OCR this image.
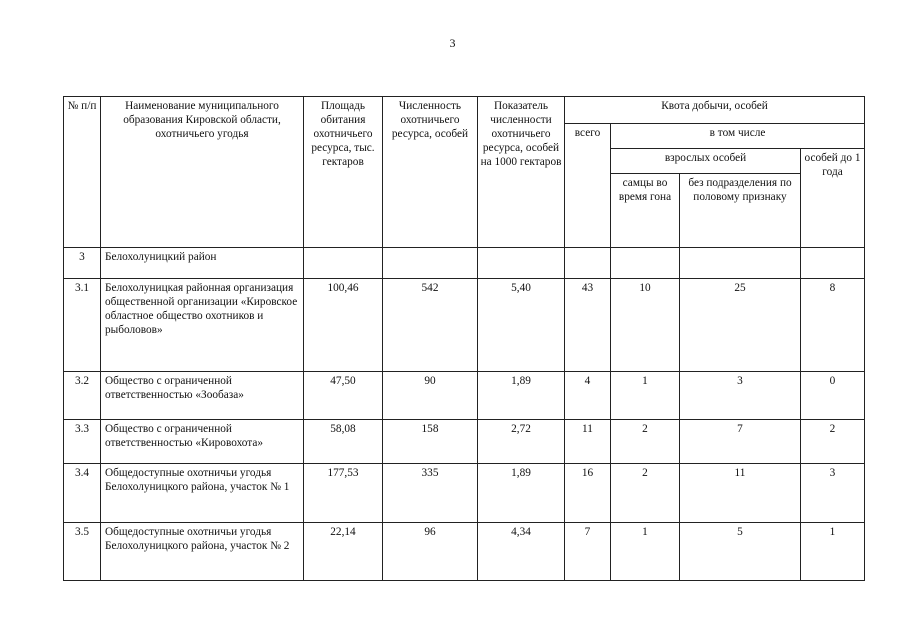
3
№ п/п	Наименование муниципального образования Кировской области, охотничьего угодья	Площадь обитания охотничьего ресурса, тыс. гектаров	Численность охотничьего ресурса, особей	Показатель численности охотничьего ресурса, особей на 1000 гектаров	Квота добычи, особей			
					всего	в том числе		
						взрослых особей		особей до 1 года
						самцы во время гона	без подразделения по половому признаку	
3	Белохолуницкий район							
3.1	Белохолуницкая районная организация общественной организации «Кировское областное общество охотников и рыболовов»	100,46	542	5,40	43	10	25	8
3.2	Общество с ограниченной ответственностью «Зообаза»	47,50	90	1,89	4	1	3	0
3.3	Общество с ограниченной ответственностью «Кировохота»	58,08	158	2,72	11	2	7	2
3.4	Общедоступные охотничьи угодья Белохолуницкого района, участок № 1	177,53	335	1,89	16	2	11	3
3.5	Общедоступные охотничьи угодья Белохолуницкого района, участок № 2	22,14	96	4,34	7	1	5	1
